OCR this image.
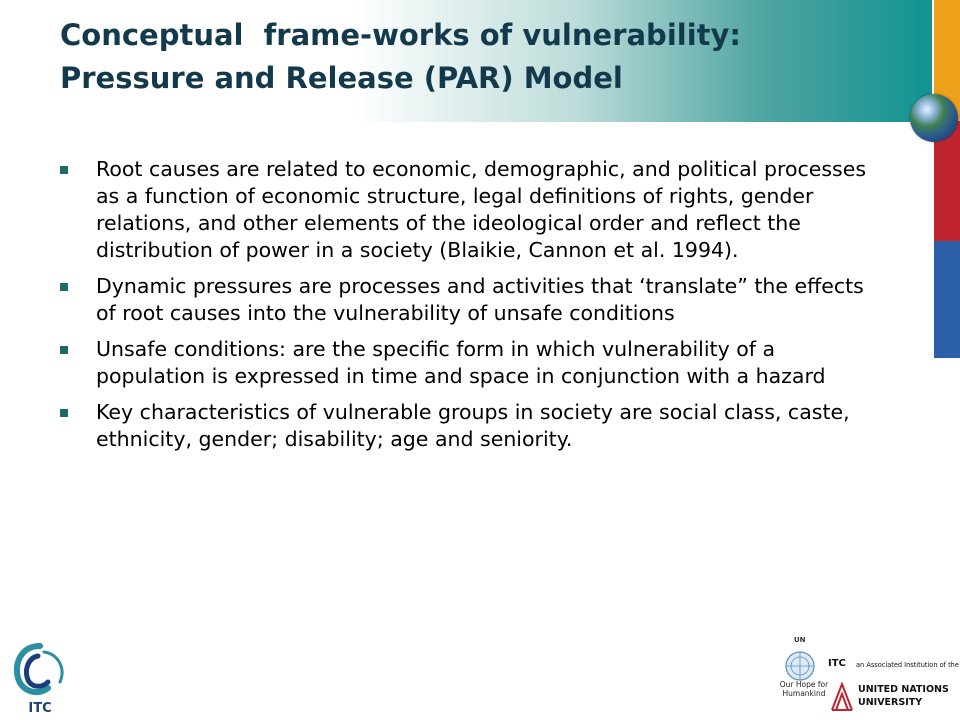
Conceptual  frame-works of vulnerability:
Pressure and Release (PAR) Model
Root causes are related to economic, demographic, and political processes as a function of economic structure, legal definitions of rights, gender relations, and other elements of the ideological order and reflect the distribution of power in a society (Blaikie, Cannon et al. 1994).
Dynamic pressures are processes and activities that ‘translate” the effects of root causes into the vulnerability of unsafe conditions
Unsafe conditions: are the specific form in which vulnerability of a population is expressed in time and space in conjunction with a hazard
Key characteristics of vulnerable groups in society are social class, caste, ethnicity, gender; disability; age and seniority.
ITC
UN
Our Hope for Humankind
ITC an Associated Institution of the
UNITED NATIONS
UNIVERSITY
